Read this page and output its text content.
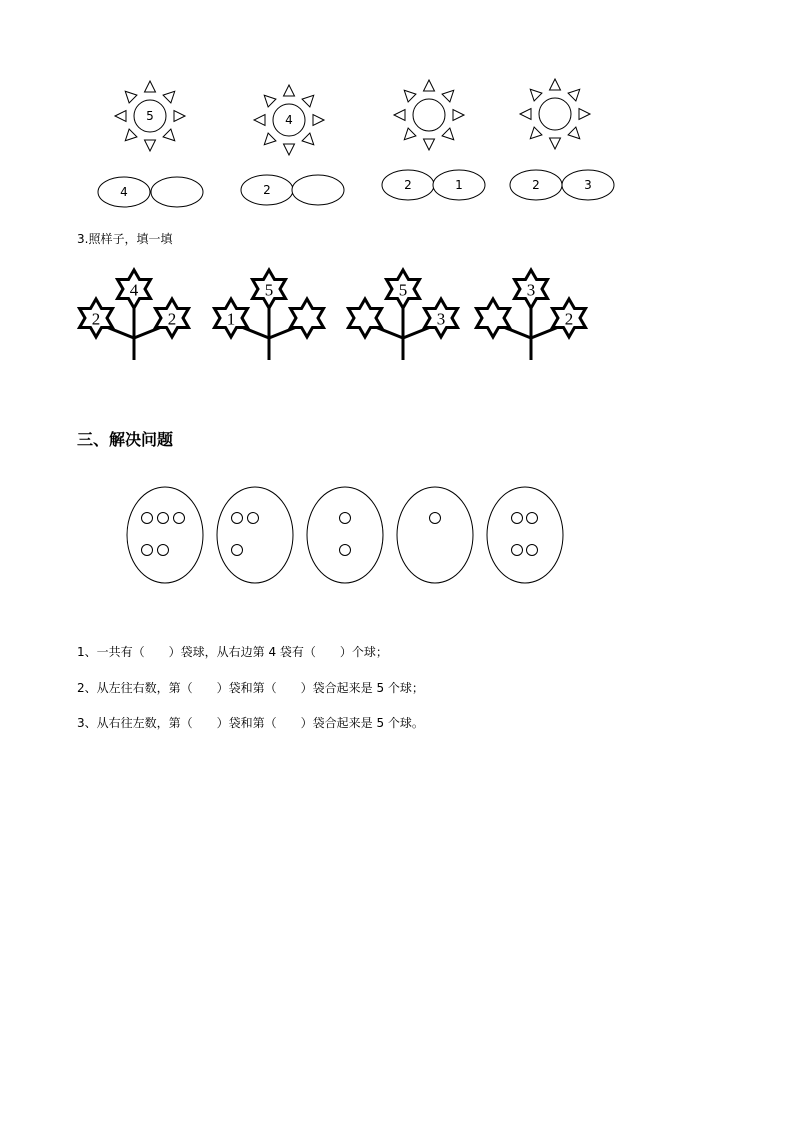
5
4
4
2	2	1	2	3
4
2	2
5
1
5
3
3
2
3.照样子，填一填
三、解决问题
1、一共有（　　）袋球，从右边第 4 袋有（　　）个球；
2、从左往右数，第（　　）袋和第（　　）袋合起来是 5 个球；
3、从右往左数，第（　　）袋和第（　　）袋合起来是 5 个球。
